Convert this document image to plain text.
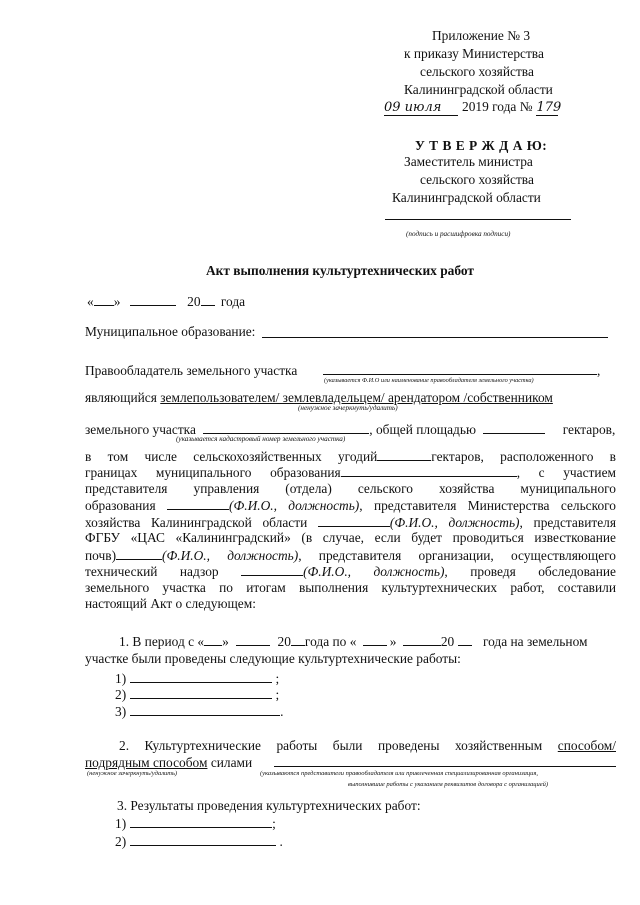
Приложение № 3
к приказу Министерства
сельского хозяйства
Калининградской области
09 июля 2019 года № 179
У Т В Е Р Ж Д А Ю:
Заместитель министра
сельского хозяйства
Калининградской области
(подпись и расшифровка подписи)
Акт выполнения культуртехнических работ
« »	20 года
Муниципальное образование:
Правообладатель земельного участка	,
(указывается Ф.И.О или наименование правообладателя земельного участка)
являющийся землепользователем/ землевладельцем/ арендатором /собственником
(ненужное зачеркнуть/удалить)
земельного участка	, общей площадью	гектаров,
(указывается кадастровый номер земельного участка)
в том числе сельскохозяйственных угодий	гектаров, расположенного в
границах муниципального образования	, с участием
представителя управления (отдела) сельского хозяйства муниципального
образования	(Ф.И.О., должность), представителя Министерства сельского
хозяйства Калининградской области	(Ф.И.О., должность), представителя
ФГБУ «ЦАС «Калининградский» (в случае, если будет проводиться известкование
почв)	(Ф.И.О., должность), представителя организации, осуществляющего
технический надзор	(Ф.И.О., должность), проведя обследование
земельного участка по итогам выполнения культуртехнических работ, составили
настоящий Акт о следующем:
1. В период с « »	20 года по « »	20 года на земельном
участке были проведены следующие культуртехнические работы:
1)	;
2)	;
3)	.
2. Культуртехнические работы были проведены хозяйственным способом/
подрядным способом силами
(ненужное зачеркнуть/удалить)	(указываются представители правообладателя или привлеченная специализированная организация,
выполнившие работы с указанием реквизитов договора с организацией)
3. Результаты проведения культуртехнических работ:
1)	;
2)	.
